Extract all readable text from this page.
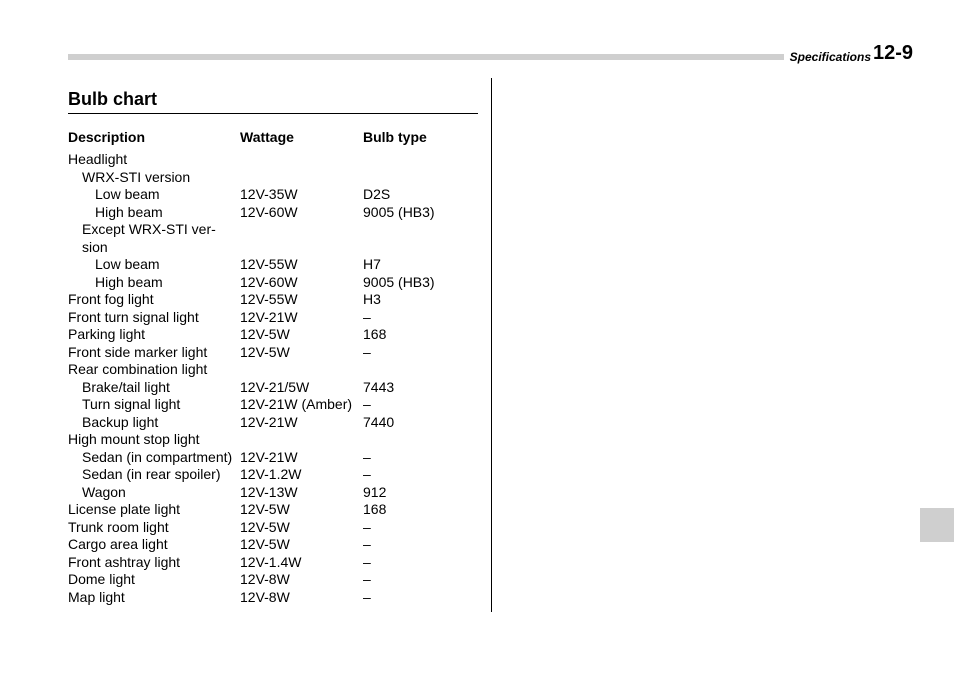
Specifications 12-9
Bulb chart
Description	Wattage	Bulb type
Headlight
WRX-STI version
Low beam	12V-35W	D2S
High beam	12V-60W	9005 (HB3)
Except WRX-STI ver-
sion
Low beam	12V-55W	H7
High beam	12V-60W	9005 (HB3)
Front fog light	12V-55W	H3
Front turn signal light	12V-21W	–
Parking light	12V-5W	168
Front side marker light 12V-5W	–
Rear combination light
Brake/tail light	12V-21/5W	7443
Turn signal light	12V-21W (Amber) –
Backup light	12V-21W	7440
High mount stop light
Sedan (in compartment) 12V-21W	–
Sedan (in rear spoiler) 12V-1.2W	–
Wagon	12V-13W	912
License plate light	12V-5W	168
Trunk room light	12V-5W	–
Cargo area light	12V-5W	–
Front ashtray light	12V-1.4W	–
Dome light	12V-8W	–
Map light	12V-8W	–
